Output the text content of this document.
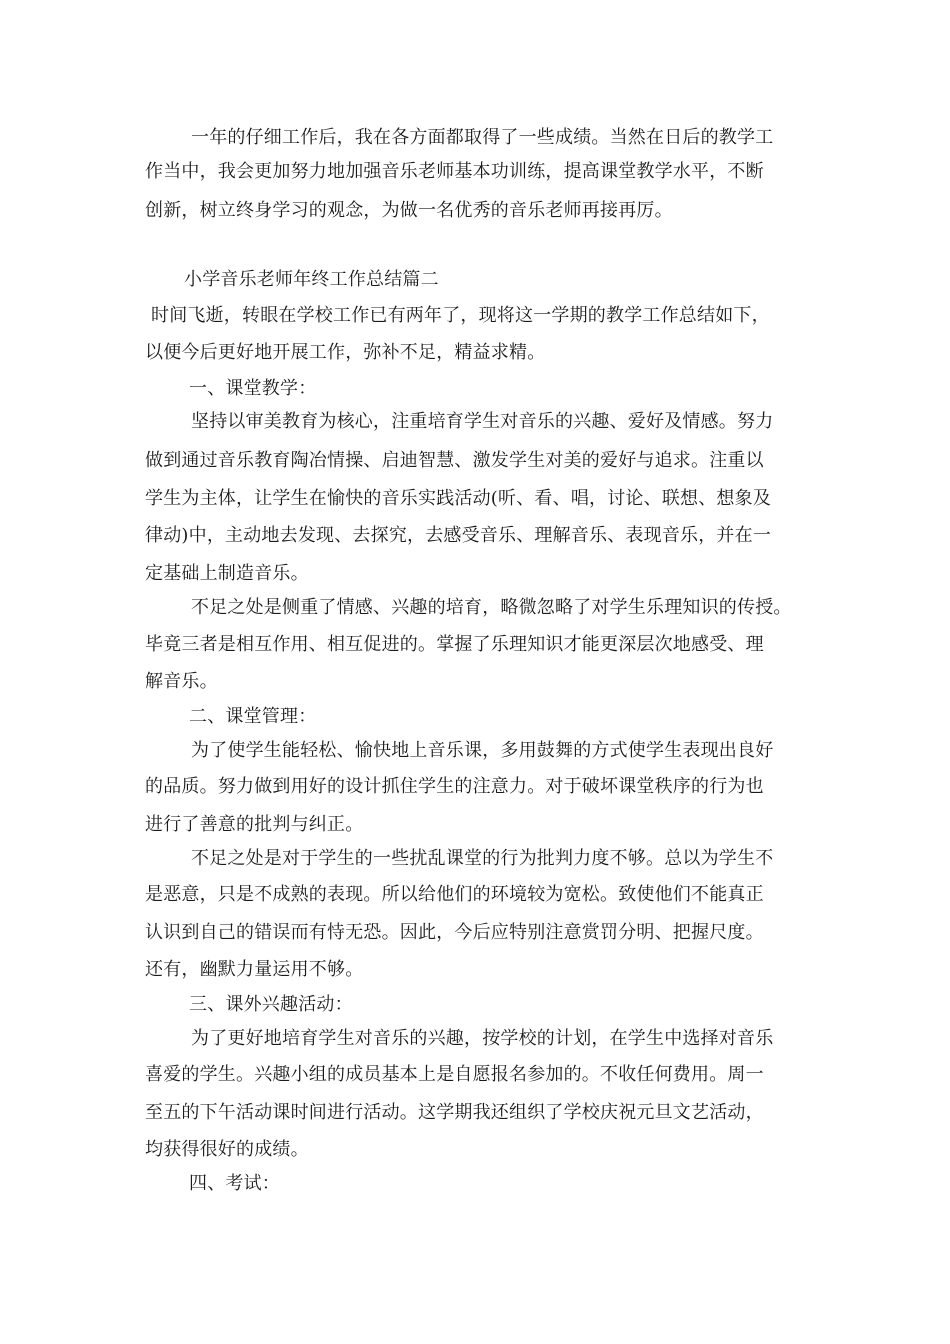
一年的仔细工作后，我在各方面都取得了一些成绩。当然在日后的教学工
作当中，我会更加努力地加强音乐老师基本功训练，提高课堂教学水平，不断
创新，树立终身学习的观念，为做一名优秀的音乐老师再接再厉。
小学音乐老师年终工作总结篇二
时间飞逝，转眼在学校工作已有两年了，现将这一学期的教学工作总结如下，
以便今后更好地开展工作，弥补不足，精益求精。
一、课堂教学：
坚持以审美教育为核心，注重培育学生对音乐的兴趣、爱好及情感。努力
做到通过音乐教育陶冶情操、启迪智慧、激发学生对美的爱好与追求。注重以
学生为主体，让学生在愉快的音乐实践活动(听、看、唱，讨论、联想、想象及
律动)中，主动地去发现、去探究，去感受音乐、理解音乐、表现音乐，并在一
定基础上制造音乐。
不足之处是侧重了情感、兴趣的培育，略微忽略了对学生乐理知识的传授。
毕竟三者是相互作用、相互促进的。掌握了乐理知识才能更深层次地感受、理
解音乐。
二、课堂管理：
为了使学生能轻松、愉快地上音乐课，多用鼓舞的方式使学生表现出良好
的品质。努力做到用好的设计抓住学生的注意力。对于破坏课堂秩序的行为也
进行了善意的批判与纠正。
不足之处是对于学生的一些扰乱课堂的行为批判力度不够。总以为学生不
是恶意，只是不成熟的表现。所以给他们的环境较为宽松。致使他们不能真正
认识到自己的错误而有恃无恐。因此，今后应特别注意赏罚分明、把握尺度。
还有，幽默力量运用不够。
三、课外兴趣活动：
为了更好地培育学生对音乐的兴趣，按学校的计划，在学生中选择对音乐
喜爱的学生。兴趣小组的成员基本上是自愿报名参加的。不收任何费用。周一
至五的下午活动课时间进行活动。这学期我还组织了学校庆祝元旦文艺活动，
均获得很好的成绩。
四、考试：
